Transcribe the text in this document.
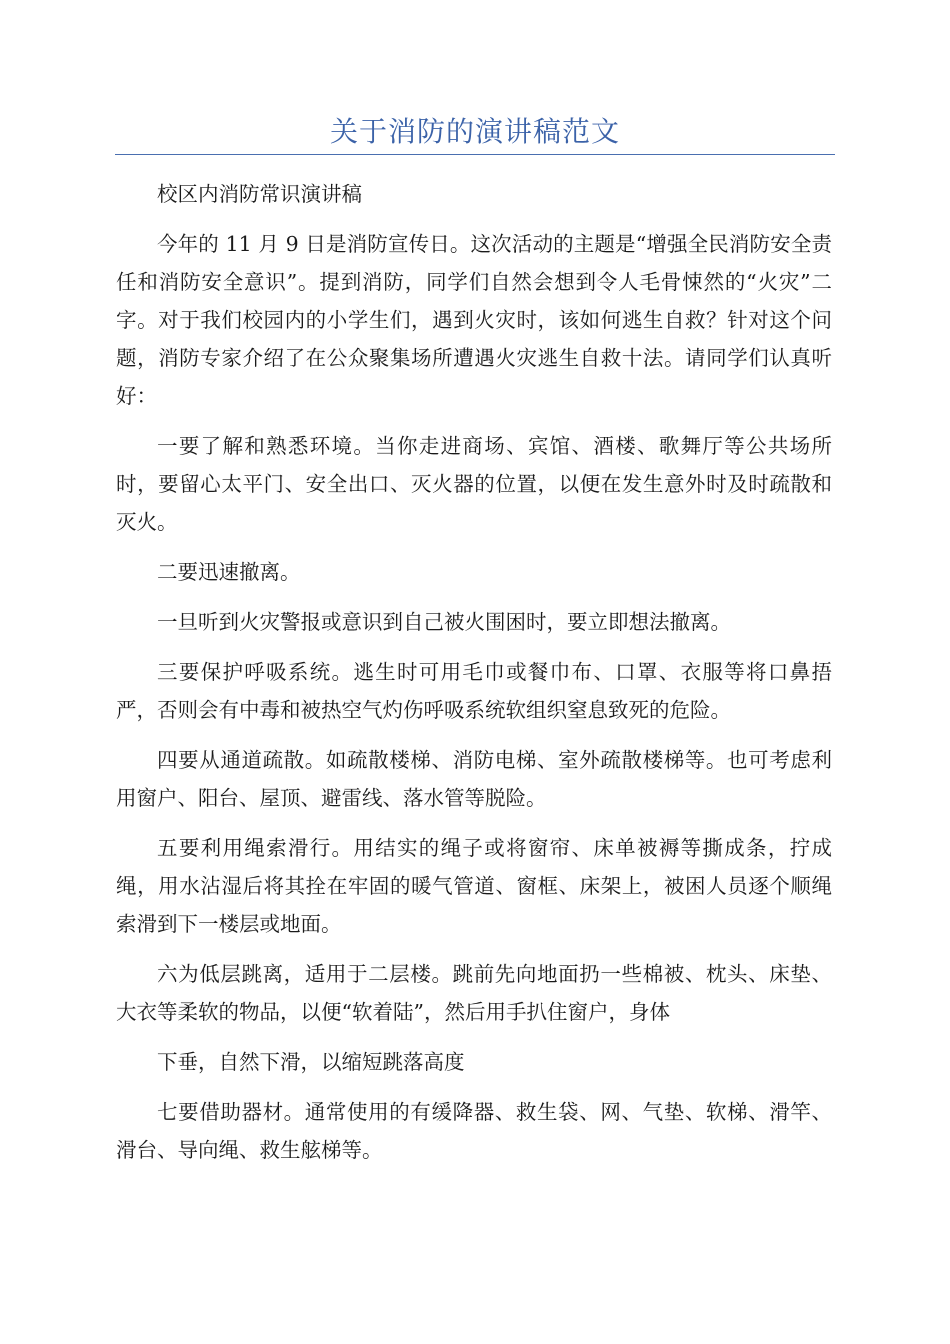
关于消防的演讲稿范文

校区内消防常识演讲稿

今年的 11 月 9 日是消防宣传日。这次活动的主题是“增强全民消防安全责任和消防安全意识”。提到消防，同学们自然会想到令人毛骨悚然的“火灾”二字。对于我们校园内的小学生们，遇到火灾时，该如何逃生自救？针对这个问题，消防专家介绍了在公众聚集场所遭遇火灾逃生自救十法。请同学们认真听好：

一要了解和熟悉环境。当你走进商场、宾馆、酒楼、歌舞厅等公共场所时，要留心太平门、安全出口、灭火器的位置，以便在发生意外时及时疏散和灭火。

二要迅速撤离。

一旦听到火灾警报或意识到自己被火围困时，要立即想法撤离。

三要保护呼吸系统。逃生时可用毛巾或餐巾布、口罩、衣服等将口鼻捂严，否则会有中毒和被热空气灼伤呼吸系统软组织窒息致死的危险。

四要从通道疏散。如疏散楼梯、消防电梯、室外疏散楼梯等。也可考虑利用窗户、阳台、屋顶、避雷线、落水管等脱险。

五要利用绳索滑行。用结实的绳子或将窗帘、床单被褥等撕成条，拧成绳，用水沾湿后将其拴在牢固的暖气管道、窗框、床架上，被困人员逐个顺绳索滑到下一楼层或地面。

六为低层跳离，适用于二层楼。跳前先向地面扔一些棉被、枕头、床垫、大衣等柔软的物品，以便“软着陆”，然后用手扒住窗户，身体

下垂，自然下滑，以缩短跳落高度

七要借助器材。通常使用的有缓降器、救生袋、网、气垫、软梯、滑竿、滑台、导向绳、救生舷梯等。
